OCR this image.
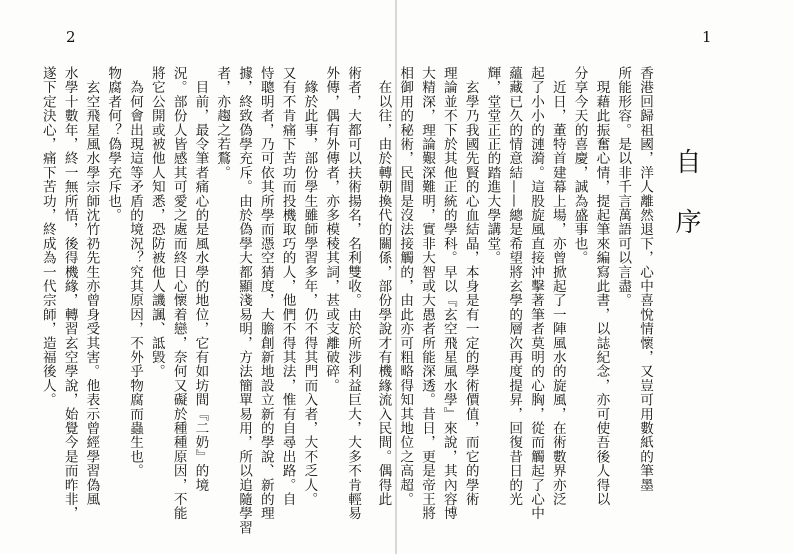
2
術者，大都可以扶術揚名，名利雙收。由於所涉利益巨大，大多不肯輕易
外傳，偶有外傳者，亦多模稜其詞，甚或支離破碎。
　緣於此事，部份學生雖師學習多年，仍不得其門而入者，大不乏人。
又有不肯痛下苦功而投機取巧的人，他們不得其法，惟有自尋出路。自
恃聰明者，乃可依其所學而憑空猜度，大膽創新地設立新的學說、新的理
據，終致偽學充斥。由於偽學大都顯淺易明，方法簡單易用，所以追隨學習
者，亦趨之若鶩。
　目前，最令筆者痛心的是風水學的地位，它有如坊間『二奶』的境
況。部份人皆感其可愛之處而終日心懷着戀，奈何又礙於種種原因，不能
將它公開或被他人知悉，恐防被他人譏諷、詆毀。
　為何會出現這等矛盾的境況？究其原因，不外乎物腐而蟲生也。
物腐者何？偽學充斥也。
　玄空飛星風水學宗師沈竹礽先生亦曾身受其害。他表示曾經學習偽風
水學十數年，終一無所悟，後得機緣，轉習玄空學說，始覺今是而昨非，
遂下定決心，痛下苦功，終成為一代宗師，造福後人。
1
自序
香港回歸祖國，洋人離然退下，心中喜悅情懷，又豈可用數紙的筆墨
所能形容。是以非千言萬語可以言盡。
　現藉此振奮心情，提起筆來編寫此書，以誌紀念，亦可使吾後人得以
分享今天的喜慶，誠為盛事也。
　近日，董特首建幕上場，亦曾掀起了一陣風水的旋風，在術數界亦泛
起了小小的漣漪。這股旋風直接沖擊著筆者莫明的心胸，從而觸起了心中
蘊藏已久的情意結——總是希望將玄學的層次再度提昇，回復昔日的光
輝，堂堂正正的踏進大學講堂。
　玄學乃我國先賢的心血結晶，本身是有一定的學術價值，而它的學術
理論並不下於其他正統的學科。早以『玄空飛星風水學』來說，其內容博
大精深，理論艱深難明，實非大智或大愚者所能深透。昔日，更是帝王將
相御用的秘術，民間是沒法接觸的，由此亦可粗略得知其地位之高超。
　在以往，由於轉朝換代的關係，部份學說才有機緣流入民間。偶得此
